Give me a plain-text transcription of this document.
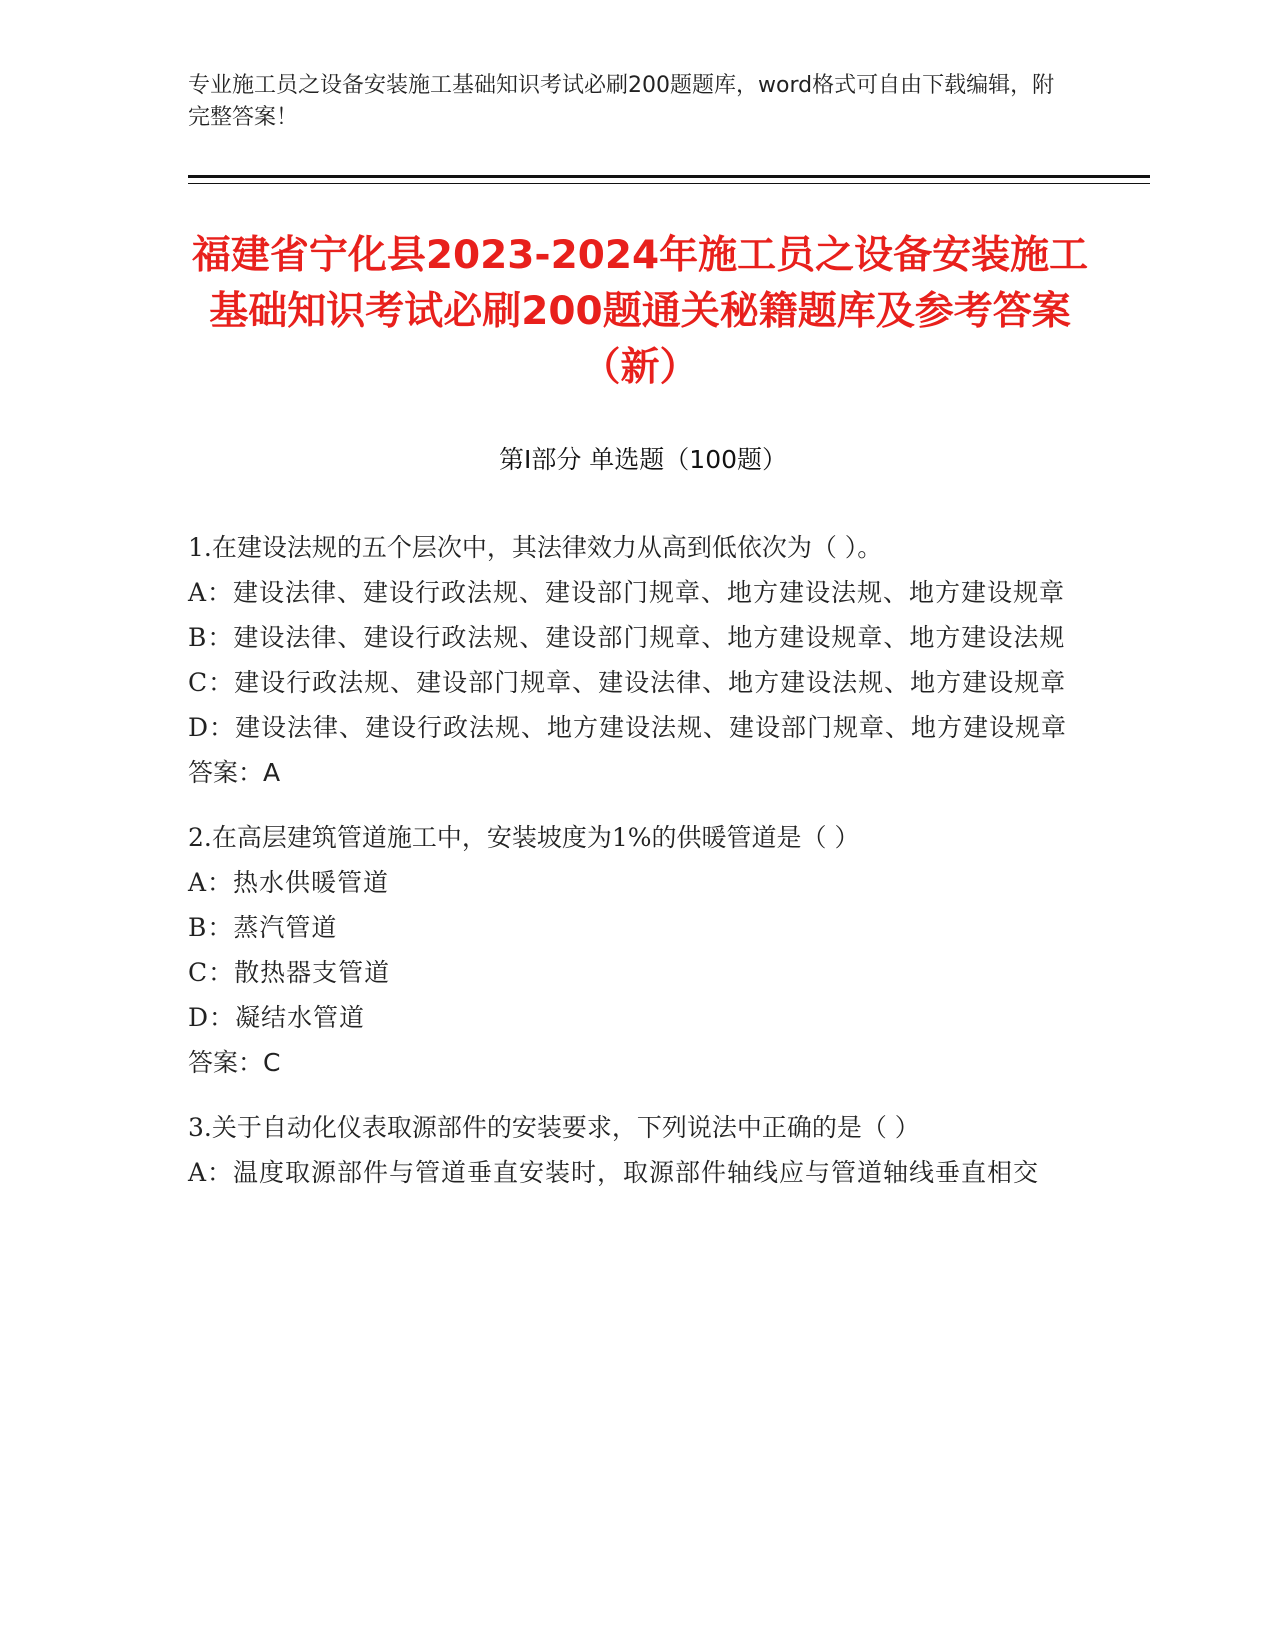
专业施工员之设备安装施工基础知识考试必刷200题题库，word格式可自由下载编辑，附完整答案！
福建省宁化县2023-2024年施工员之设备安装施工基础知识考试必刷200题通关秘籍题库及参考答案（新）
第Ⅰ部分 单选题（100题）

1.在建设法规的五个层次中，其法律效力从高到低依次为（ ）。

A：建设法律、建设行政法规、建设部门规章、地方建设法规、地方建设规章

B：建设法律、建设行政法规、建设部门规章、地方建设规章、地方建设法规

C：建设行政法规、建设部门规章、建设法律、地方建设法规、地方建设规章

D：建设法律、建设行政法规、地方建设法规、建设部门规章、地方建设规章

答案：A

2.在高层建筑管道施工中，安装坡度为1%的供暖管道是（ ）

A：热水供暖管道

B：蒸汽管道

C：散热器支管道

D：凝结水管道

答案：C

3.关于自动化仪表取源部件的安装要求，下列说法中正确的是（ ）

A：温度取源部件与管道垂直安装时，取源部件轴线应与管道轴线垂直相交
